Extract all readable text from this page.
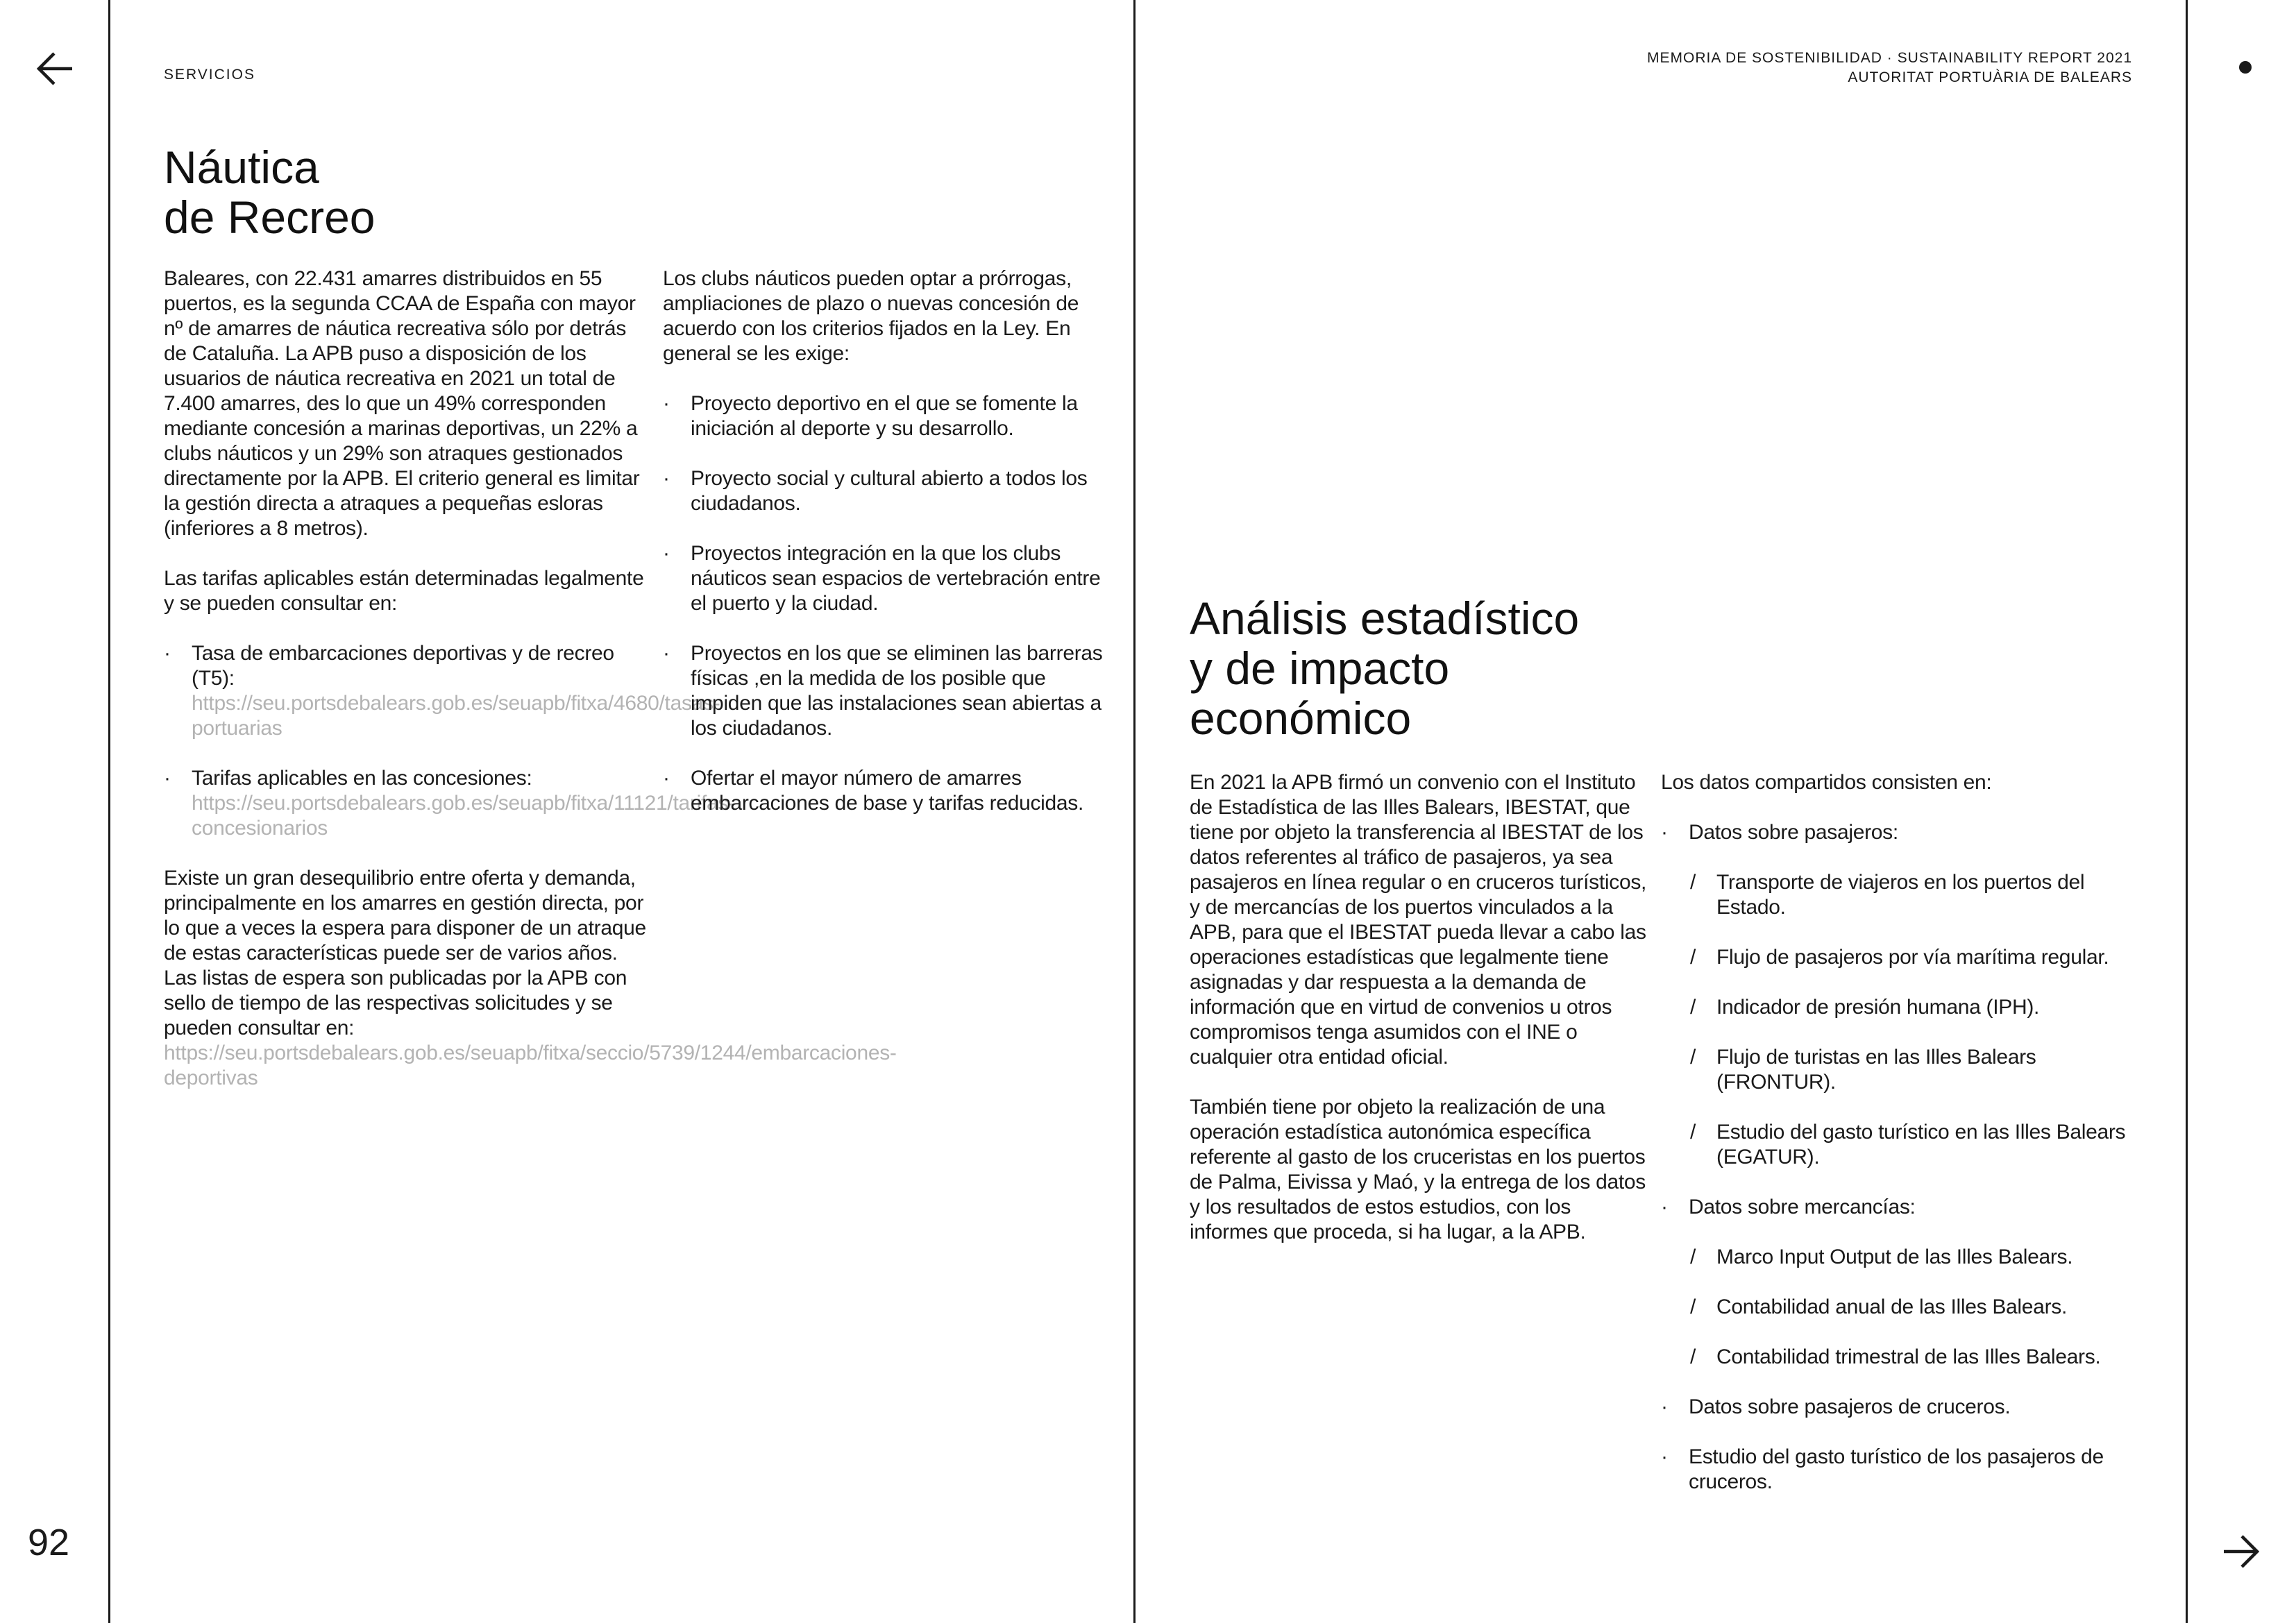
92
SERVICIOS
MEMORIA DE SOSTENIBILIDAD · SUSTAINABILITY REPORT 2021
AUTORITAT PORTUÀRIA DE BALEARS
Náutica
de Recreo

Baleares, con 22.431 amarres distribuidos en 55 puertos, es la segunda CCAA de España con mayor nº de amarres de náutica recreativa sólo por detrás de Cataluña. La APB puso a disposición de los usuarios de náutica recreativa en 2021 un total de 7.400 amarres, des lo que un 49% corresponden mediante concesión a marinas deportivas, un 22% a clubs náuticos y un 29% son atraques gestionados directamente por la APB. El criterio general es limitar la gestión directa a atraques a pequeñas esloras (inferiores a 8 metros).

Las tarifas aplicables están determinadas legalmente y se pueden consultar en:

· Tasa de embarcaciones deportivas y de recreo (T5):
https://seu.portsdebalears.gob.es/seuapb/fitxa/4680/tasas-portuarias
· Tarifas aplicables en las concesiones:
https://seu.portsdebalears.gob.es/seuapb/fitxa/11121/tarifas-concesionarios

Existe un gran desequilibrio entre oferta y demanda, principalmente en los amarres en gestión directa, por lo que a veces la espera para disponer de un atraque de estas características puede ser de varios años. Las listas de espera son publicadas por la APB con sello de tiempo de las respectivas solicitudes y se pueden consultar en:
https://seu.portsdebalears.gob.es/seuapb/fitxa/seccio/5739/1244/embarcaciones-deportivas

Los clubs náuticos pueden optar a prórrogas, ampliaciones de plazo o nuevas concesión de acuerdo con los criterios fijados en la Ley. En general se les exige:

· Proyecto deportivo en el que se fomente la iniciación al deporte y su desarrollo.
· Proyecto social y cultural abierto a todos los ciudadanos.
· Proyectos integración en la que los clubs náuticos sean espacios de vertebración entre el puerto y la ciudad.
· Proyectos en los que se eliminen las barreras físicas ,en la medida de los posible que impiden que las instalaciones sean abiertas a los ciudadanos.
· Ofertar el mayor número de amarres embarcaciones de base y tarifas reducidas.
Análisis estadístico
y de impacto
económico

En 2021 la APB firmó un convenio con el Instituto de Estadística de las Illes Balears, IBESTAT, que tiene por objeto la transferencia al IBESTAT de los datos referentes al tráfico de pasajeros, ya sea pasajeros en línea regular o en cruceros turísticos, y de mercancías de los puertos vinculados a la APB, para que el IBESTAT pueda llevar a cabo las operaciones estadísticas que legalmente tiene asignadas y dar respuesta a la demanda de información que en virtud de convenios u otros compromisos tenga asumidos con el INE o cualquier otra entidad oficial.

También tiene por objeto la realización de una operación estadística autonómica específica referente al gasto de los cruceristas en los puertos de Palma, Eivissa y Maó, y la entrega de los datos y los resultados de estos estudios, con los informes que proceda, si ha lugar, a la APB.

Los datos compartidos consisten en:

· Datos sobre pasajeros:
/ Transporte de viajeros en los puertos del Estado.
/ Flujo de pasajeros por vía marítima regular.
/ Indicador de presión humana (IPH).
/ Flujo de turistas en las Illes Balears (FRONTUR).
/ Estudio del gasto turístico en las Illes Balears (EGATUR).
· Datos sobre mercancías:
/ Marco Input Output de las Illes Balears.
/ Contabilidad anual de las Illes Balears.
/ Contabilidad trimestral de las Illes Balears.
· Datos sobre pasajeros de cruceros.
· Estudio del gasto turístico de los pasajeros de cruceros.
